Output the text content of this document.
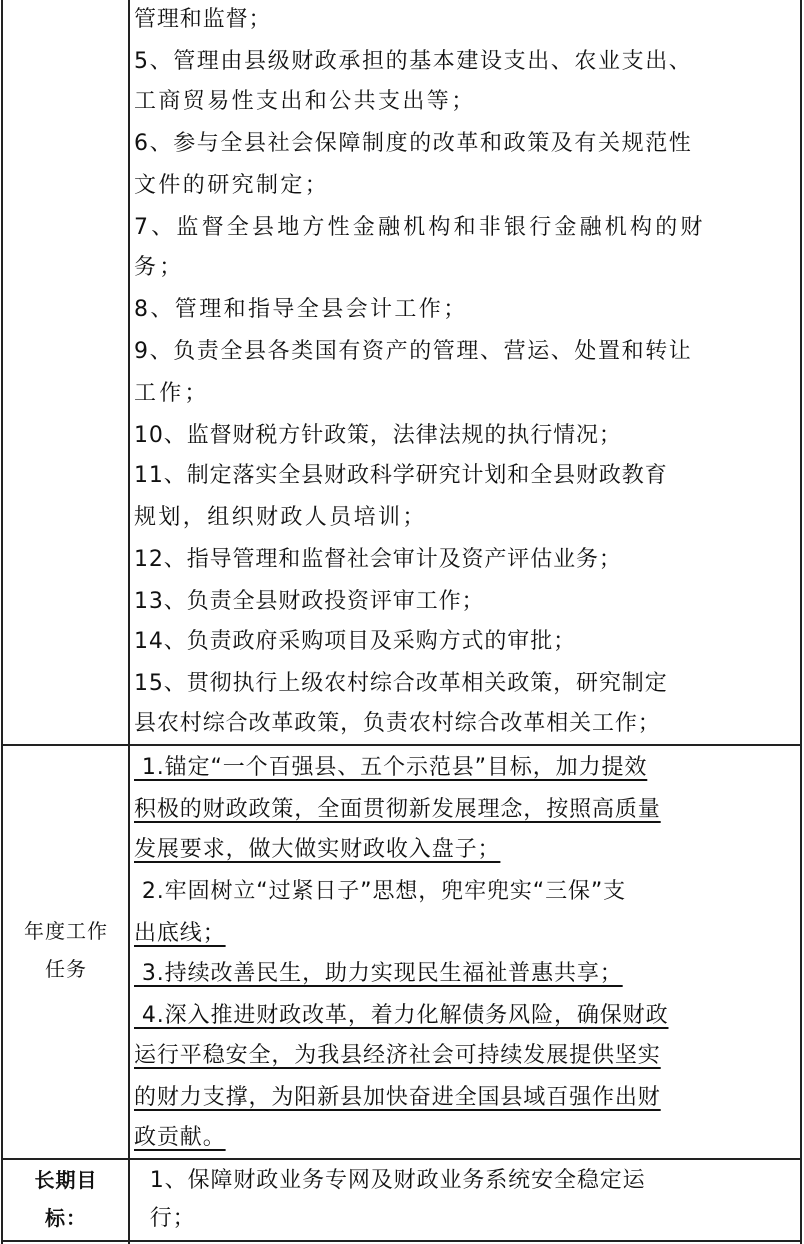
管理和监督；
5、管理由县级财政承担的基本建设支出、农业支出、
工商贸易性支出和公共支出等；
6、参与全县社会保障制度的改革和政策及有关规范性
文件的研究制定；
7、监督全县地方性金融机构和非银行金融机构的财
务；
8、管理和指导全县会计工作；
9、负责全县各类国有资产的管理、营运、处置和转让
工作；
10、监督财税方针政策，法律法规的执行情况；
11、制定落实全县财政科学研究计划和全县财政教育
规划，组织财政人员培训；
12、指导管理和监督社会审计及资产评估业务；
13、负责全县财政投资评审工作；
14、负责政府采购项目及采购方式的审批；
15、贯彻执行上级农村综合改革相关政策，研究制定
县农村综合改革政策，负责农村综合改革相关工作；
年度工作
任务
1.锚定“一个百强县、五个示范县”目标，加力提效
积极的财政政策，全面贯彻新发展理念，按照高质量
发展要求，做大做实财政收入盘子；
2.牢固树立“过紧日子”思想，兜牢兜实“三保”支
出底线；
3.持续改善民生，助力实现民生福祉普惠共享；
4.深入推进财政改革，着力化解债务风险，确保财政
运行平稳安全，为我县经济社会可持续发展提供坚实
的财力支撑，为阳新县加快奋进全国县域百强作出财
政贡献。
长期目
标：
1、保障财政业务专网及财政业务系统安全稳定运
行；
